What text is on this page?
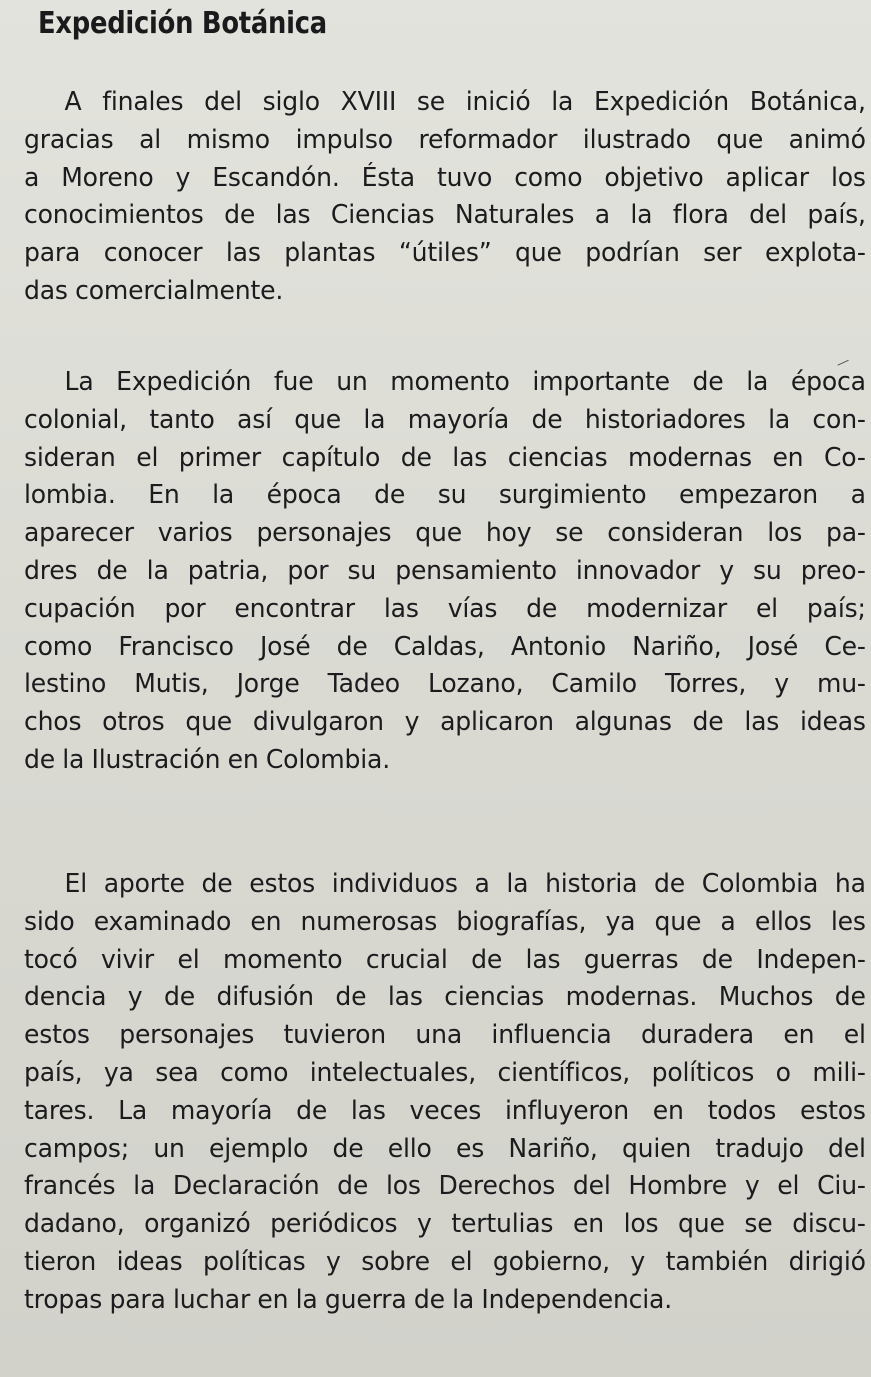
Expedición Botánica

A finales del siglo XVIII se inició la Expedición Botánica,
gracias al mismo impulso reformador ilustrado que animó
a Moreno y Escandón. Ésta tuvo como objetivo aplicar los
conocimientos de las Ciencias Naturales a la flora del país,
para conocer las plantas “útiles” que podrían ser explota-
das comercialmente.

La Expedición fue un momento importante de la época
colonial, tanto así que la mayoría de historiadores la con-
sideran el primer capítulo de las ciencias modernas en Co-
lombia. En la época de su surgimiento empezaron a
aparecer varios personajes que hoy se consideran los pa-
dres de la patria, por su pensamiento innovador y su preo-
cupación por encontrar las vías de modernizar el país;
como Francisco José de Caldas, Antonio Nariño, José Ce-
lestino Mutis, Jorge Tadeo Lozano, Camilo Torres, y mu-
chos otros que divulgaron y aplicaron algunas de las ideas
de la Ilustración en Colombia.

El aporte de estos individuos a la historia de Colombia ha
sido examinado en numerosas biografías, ya que a ellos les
tocó vivir el momento crucial de las guerras de Indepen-
dencia y de difusión de las ciencias modernas. Muchos de
estos personajes tuvieron una influencia duradera en el
país, ya sea como intelectuales, científicos, políticos o mili-
tares. La mayoría de las veces influyeron en todos estos
campos; un ejemplo de ello es Nariño, quien tradujo del
francés la Declaración de los Derechos del Hombre y el Ciu-
dadano, organizó periódicos y tertulias en los que se discu-
tieron ideas políticas y sobre el gobierno, y también dirigió
tropas para luchar en la guerra de la Independencia.
